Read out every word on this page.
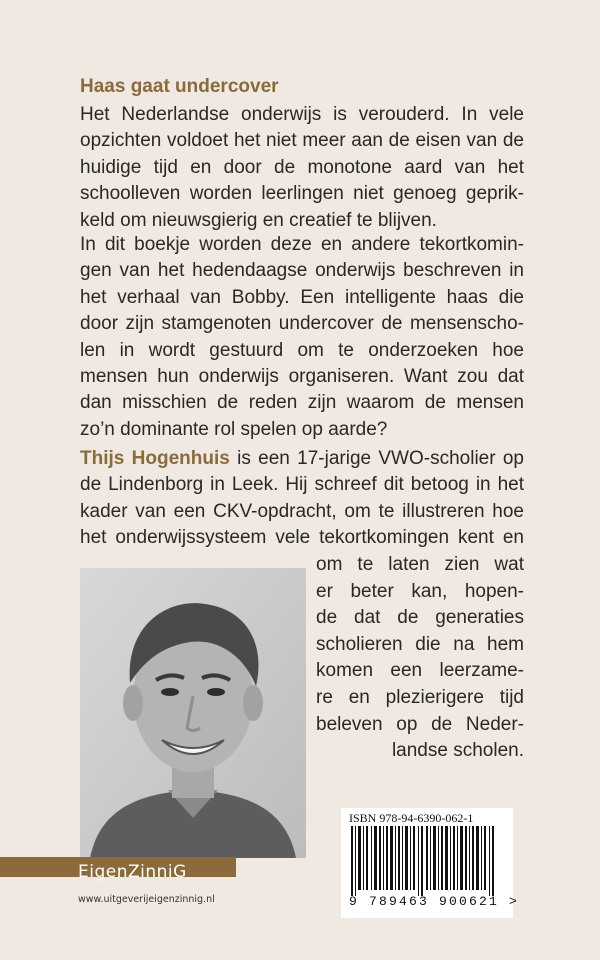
Haas gaat undercover
Het Nederlandse onderwijs is verouderd. In vele
opzichten voldoet het niet meer aan de eisen van de
huidige tijd en door de monotone aard van het
schoolleven worden leerlingen niet genoeg geprik-
keld om nieuwsgierig en creatief te blijven.
In dit boekje worden deze en andere tekortkomin-
gen van het hedendaagse onderwijs beschreven in
het verhaal van Bobby. Een intelligente haas die
door zijn stamgenoten undercover de mensenscho-
len in wordt gestuurd om te onderzoeken hoe
mensen hun onderwijs organiseren. Want zou dat
dan misschien de reden zijn waarom de mensen
zo’n dominante rol spelen op aarde?
Thijs Hogenhuis is een 17-jarige VWO-scholier op
de Lindenborg in Leek. Hij schreef dit betoog in het
kader van een CKV-opdracht, om te illustreren hoe
het onderwijssysteem vele tekortkomingen kent en
om te laten zien wat
er beter kan, hopen-
de dat de generaties
scholieren die na hem
komen een leerzame-
re en plezierigere tijd
beleven op de Neder-
landse scholen.
ISBN 978-94-6390-062-1
9 789463 900621 >
EigenZinniG
www.uitgeverijeigenzinnig.nl
